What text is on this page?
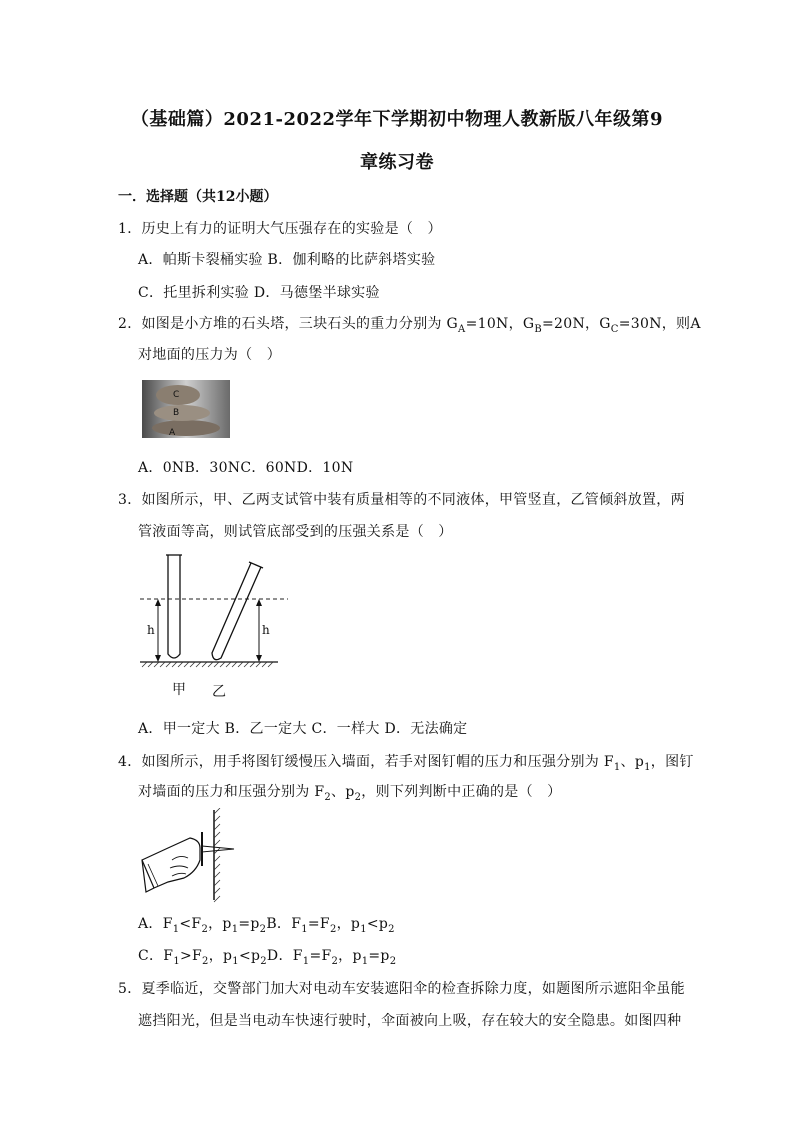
（基础篇）2021-2022学年下学期初中物理人教新版八年级第9
章练习卷
一．选择题（共12小题）
1．历史上有力的证明大气压强存在的实验是（　）
A．帕斯卡裂桶实验 B．伽利略的比萨斜塔实验
C．托里拆利实验 D．马德堡半球实验
2．如图是小方堆的石头塔，三块石头的重力分别为 $G_A=10N$，$G_B=20N$，$G_C=30N$，则A
对地面的压力为（　）
C
B
A
A．0NB．30NC．60ND．10N
3．如图所示，甲、乙两支试管中装有质量相等的不同液体，甲管竖直，乙管倾斜放置，两
管液面等高，则试管底部受到的压强关系是（　）
h	h
甲 乙
A．甲一定大 B．乙一定大 C．一样大 D．无法确定
4．如图所示，用手将图钉缓慢压入墙面，若手对图钉帽的压力和压强分别为 $F_1$、$p_1$，图钉
对墙面的压力和压强分别为 $F_2$、$p_2$，则下列判断中正确的是（　）
A．$F_1<F_2$，$p_1=p_2B$．$F_1=F_2$，$p_1<p_2$
C．$F_1>F_2$，$p_1<p_2D$．$F_1=F_2$，$p_1=p_2$
5．夏季临近，交警部门加大对电动车安装遮阳伞的检查拆除力度，如题图所示遮阳伞虽能
遮挡阳光，但是当电动车快速行驶时，伞面被向上吸，存在较大的安全隐患。如图四种
